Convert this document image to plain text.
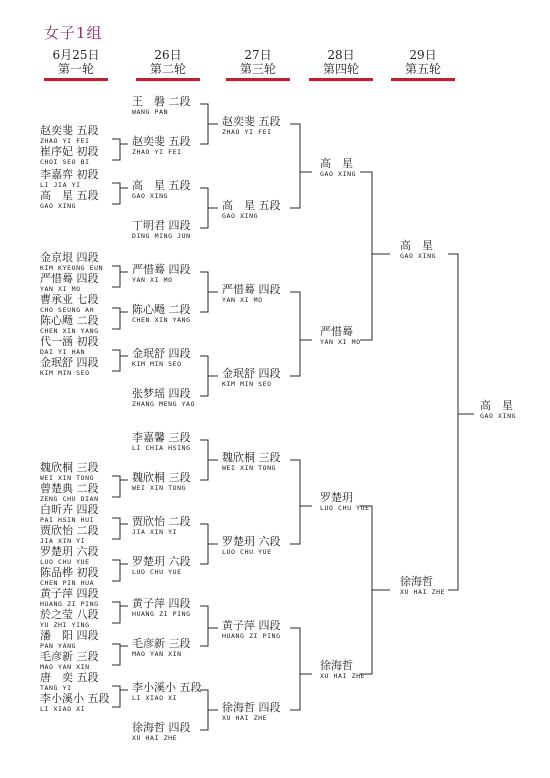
女子1组
6月25日
第一轮
26日
第二轮
27日
第三轮
28日
第四轮
29日
第五轮
赵奕斐 五段
ZHAO YI FEI
崔序妃 初段
CHOI SEO BI
李嘉弈 初段
LI JIA YI
高　星 五段
GAO XING
金京垠 四段
KIM KYEONG EUN
严惜蓦 四段
YAN XI MO
曹承亚 七段
CHO SEUNG AH
陈心飏 二段
CHEN XIN YANG
代一涵 初段
DAI YI HAN
金珉舒 四段
KIM MIN SEO
魏欣桐 三段
WEI XIN TONG
曾楚典 二段
ZENG CHU DIAN
白昕卉 四段
PAI HSIN HUI
贾欣怡 二段
JIA XIN YI
罗楚玥 六段
LUO CHU YUE
陈品桦 初段
CHEN PIN HUA
黄子萍 四段
HUANG ZI PING
於之莹 八段
YU ZHI YING
潘　阳 四段
PAN YANG
毛彦新 三段
MAO YAN XIN
唐　奕 五段
TANG YI
李小溪小 五段
LI XIAO XI
王　磐 二段
WANG PAN
赵奕斐 五段
ZHAO YI FEI
高　星 五段
GAO XING
丁明君 四段
DING MING JUN
严惜蓦 四段
YAN XI MO
陈心飏 二段
CHEN XIN YANG
金珉舒 四段
KIM MIN SEO
张梦瑶 四段
ZHANG MENG YAO
李嘉馨 三段
LI CHIA HSING
魏欣桐 三段
WEI XIN TONG
贾欣怡 二段
JIA XIN YI
罗楚玥 六段
LUO CHU YUE
黄子萍 四段
HUANG ZI PING
毛彦新 三段
MAO YAN XIN
李小溪小 五段
LI XIAO XI
徐海哲 四段
XU HAI ZHE
赵奕斐 五段
ZHAO YI FEI
高　星 五段
GAO XING
严惜蓦 四段
YAN XI MO
金珉舒 四段
KIM MIN SEO
魏欣桐 三段
WEI XIN TONG
罗楚玥 六段
LUO CHU YUE
黄子萍 四段
HUANG ZI PING
徐海哲 四段
XU HAI ZHE
高　星
GAO XING
严惜蓦
YAN XI MO
罗楚玥
LUO CHU YUE
徐海哲
XU HAI ZHE
高　星
GAO XING
徐海哲
XU HAI ZHE
高　星
GAO XING
